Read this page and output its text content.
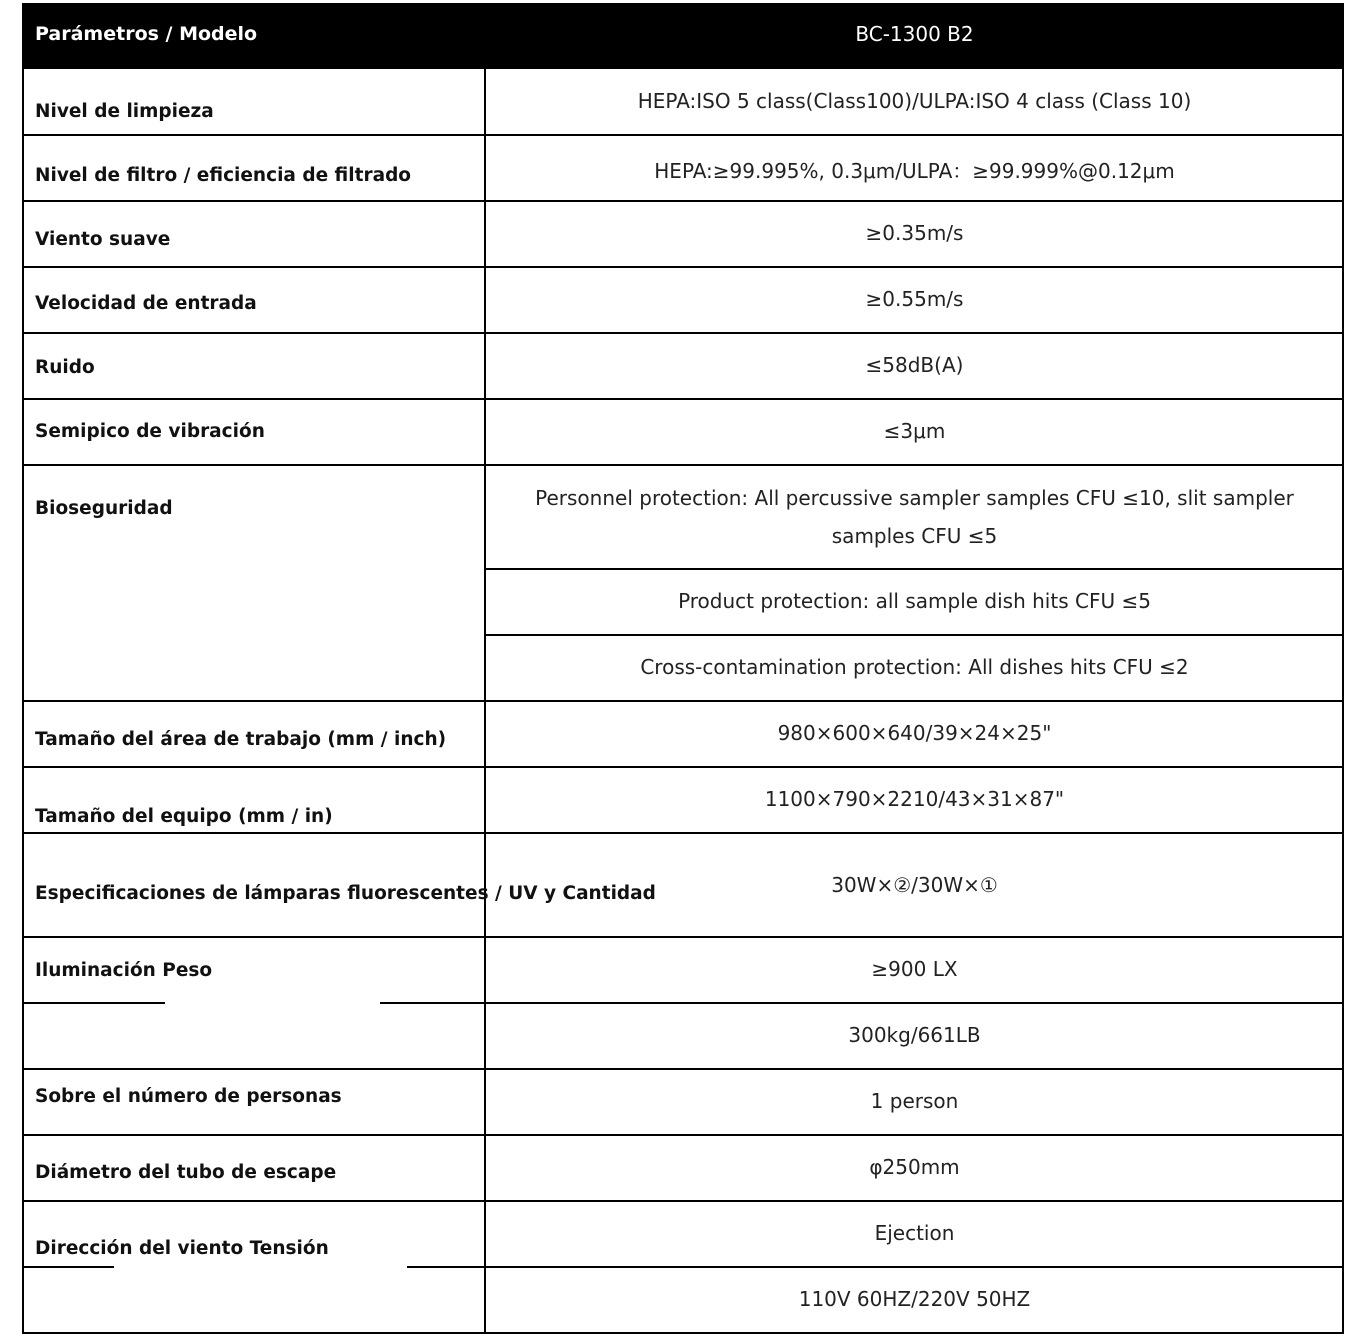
Parámetros / Modelo	BC-1300 B2
Nivel de limpieza
Nivel de filtro / eficiencia de filtrado
Viento suave
Velocidad de entrada
Ruido
Semipico de vibración
Bioseguridad
Tamaño del área de trabajo (mm / inch)
Tamaño del equipo (mm / in)
Especificaciones de lámparas fluorescentes / UV y Cantidad
Iluminación Peso
Sobre el número de personas
Diámetro del tubo de escape
Dirección del viento Tensión
HEPA:ISO 5 class(Class100)/ULPA:ISO 4 class (Class 10)
HEPA:≥99.995%, 0.3μm/ULPA：≥99.999%@0.12μm
≥0.35m/s
≥0.55m/s
≤58dB(A)
≤3μm
Personnel protection: All percussive sampler samples CFU ≤10, slit sampler samples CFU ≤5
Product protection: all sample dish hits CFU ≤5
Cross-contamination protection: All dishes hits CFU ≤2
980×600×640/39×24×25"
1100×790×2210/43×31×87"
30W×②/30W×①
≥900 LX
300kg/661LB
1 person
φ250mm
Ejection
110V 60HZ/220V 50HZ
